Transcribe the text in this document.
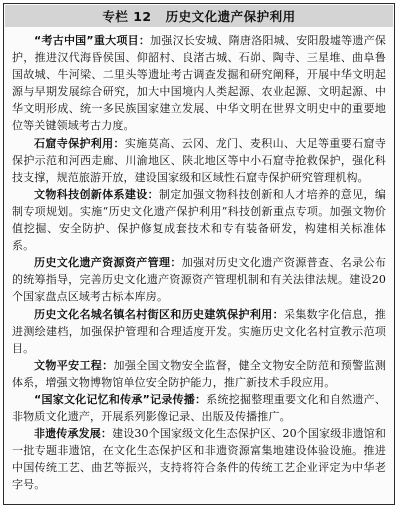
专栏 12 历史文化遗产保护利用

“考古中国”重大项目：加强汉长安城、隋唐洛阳城、安阳殷墟等遗产保护，推进汉代海昏侯国、仰韶村、良渚古城、石峁、陶寺、三星堆、曲阜鲁国故城、牛河梁、二里头等遗址考古调查发掘和研究阐释，开展中华文明起源与早期发展综合研究，加大中国境内人类起源、农业起源、文明起源、中华文明形成、统一多民族国家建立发展、中华文明在世界文明史中的重要地位等关键领域考古力度。

石窟寺保护利用：实施莫高、云冈、龙门、麦积山、大足等重要石窟寺保护示范和河西走廊、川渝地区、陕北地区等中小石窟寺抢救保护，强化科技支撑，规范旅游开放，建设国家级和区域性石窟寺保护研究管理机构。

文物科技创新体系建设：制定加强文物科技创新和人才培养的意见，编制专项规划。实施“历史文化遗产保护利用”科技创新重点专项。加强文物价值挖掘、安全防护、保护修复成套技术和专有装备研发，构建相关标准体系。

历史文化遗产资源资产管理：加强对历史文化遗产资源普查、名录公布的统筹指导，完善历史文化遗产资源资产管理机制和有关法律法规。建设20个国家盘点区域考古标本库房。

历史文化名城名镇名村街区和历史建筑保护利用：采集数字化信息，推进测绘建档，加强保护管理和合理适度开发。实施历史文化名村宣教示范项目。

文物平安工程：加强全国文物安全监督，健全文物安全防范和预警监测体系，增强文物博物馆单位安全防护能力，推广新技术手段应用。

“国家文化记忆和传承”记录传播：系统挖掘整理重要文化和自然遗产、非物质文化遗产，开展系列影像记录、出版及传播推广。

非遗传承发展：建设30个国家级文化生态保护区、20个国家级非遗馆和一批专题非遗馆，在文化生态保护区和非遗资源富集地建设体验设施。推进中国传统工艺、曲艺等振兴，支持将符合条件的传统工艺企业评定为中华老字号。
